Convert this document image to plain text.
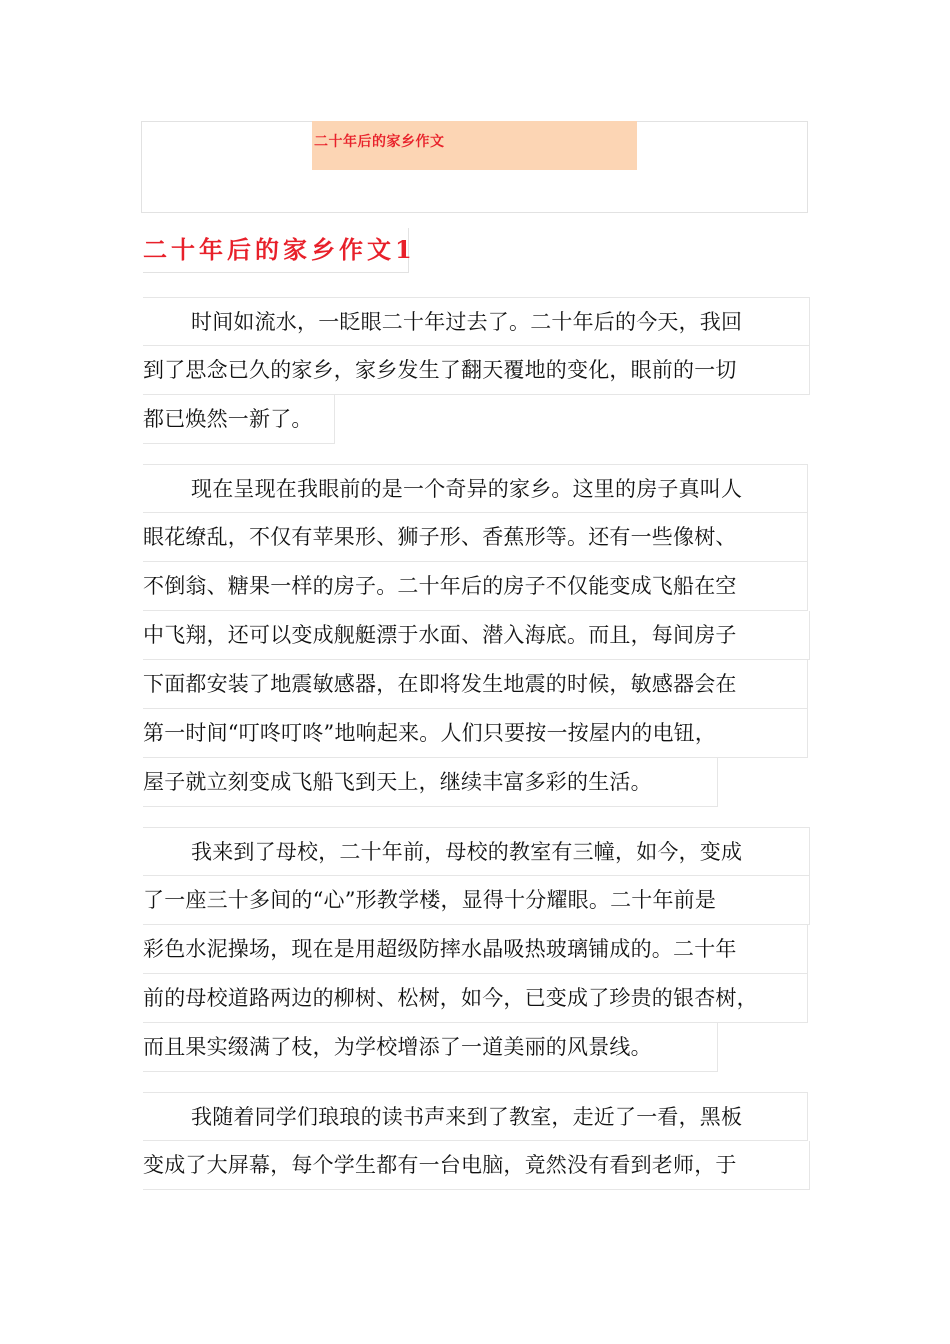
二十年后的家乡作文
二十年后的家乡作文1
时间如流水，一眨眼二十年过去了。二十年后的今天，我回
到了思念已久的家乡，家乡发生了翻天覆地的变化，眼前的一切
都已焕然一新了。
现在呈现在我眼前的是一个奇异的家乡。这里的房子真叫人
眼花缭乱，不仅有苹果形、狮子形、香蕉形等。还有一些像树、
不倒翁、糖果一样的房子。二十年后的房子不仅能变成飞船在空
中飞翔，还可以变成舰艇漂于水面、潜入海底。而且，每间房子
下面都安装了地震敏感器，在即将发生地震的时候，敏感器会在
第一时间“叮咚叮咚”地响起来。人们只要按一按屋内的电钮，
屋子就立刻变成飞船飞到天上，继续丰富多彩的生活。
我来到了母校，二十年前，母校的教室有三幢，如今，变成
了一座三十多间的“心”形教学楼，显得十分耀眼。二十年前是
彩色水泥操场，现在是用超级防摔水晶吸热玻璃铺成的。二十年
前的母校道路两边的柳树、松树，如今，已变成了珍贵的银杏树，
而且果实缀满了枝，为学校增添了一道美丽的风景线。
我随着同学们琅琅的读书声来到了教室，走近了一看，黑板
变成了大屏幕，每个学生都有一台电脑，竟然没有看到老师，于
